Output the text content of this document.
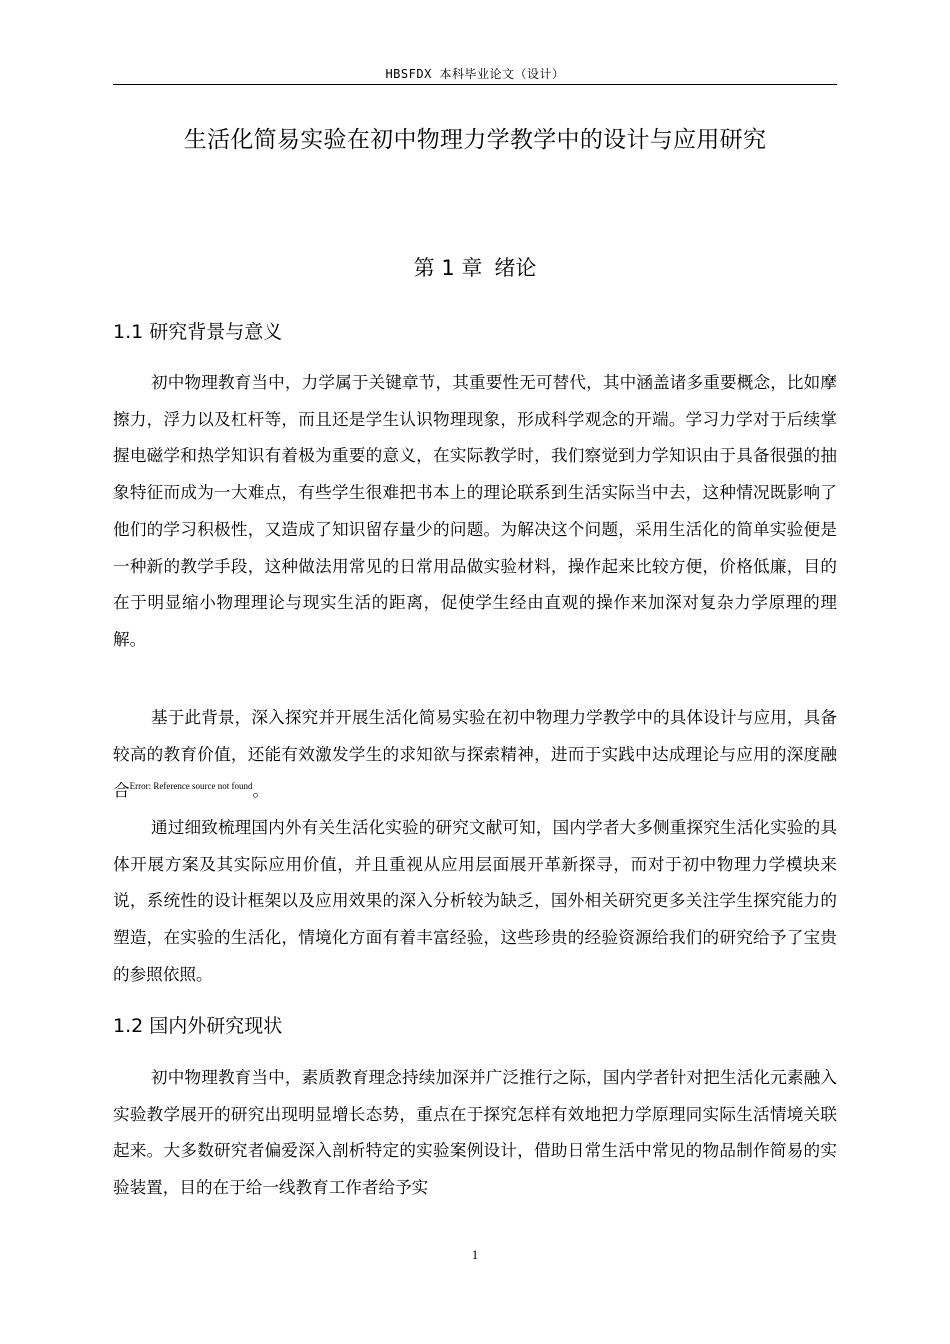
HBSFDX 本科毕业论文（设计）
生活化简易实验在初中物理力学教学中的设计与应用研究
第 1 章 绪论
1.1 研究背景与意义

初中物理教育当中，力学属于关键章节，其重要性无可替代，其中涵盖诸多重要概念，比如摩擦力，浮力以及杠杆等，而且还是学生认识物理现象，形成科学观念的开端。学习力学对于后续掌握电磁学和热学知识有着极为重要的意义，在实际教学时，我们察觉到力学知识由于具备很强的抽象特征而成为一大难点，有些学生很难把书本上的理论联系到生活实际当中去，这种情况既影响了他们的学习积极性，又造成了知识留存量少的问题。为解决这个问题，采用生活化的简单实验便是一种新的教学手段，这种做法用常见的日常用品做实验材料，操作起来比较方便，价格低廉，目的在于明显缩小物理理论与现实生活的距离，促使学生经由直观的操作来加深对复杂力学原理的理解。

基于此背景，深入探究并开展生活化简易实验在初中物理力学教学中的具体设计与应用，具备较高的教育价值，还能有效激发学生的求知欲与探索精神，进而于实践中达成理论与应用的深度融合$^{Error: Reference source not found}$。

通过细致梳理国内外有关生活化实验的研究文献可知，国内学者大多侧重探究生活化实验的具体开展方案及其实际应用价值，并且重视从应用层面展开革新探寻，而对于初中物理力学模块来说，系统性的设计框架以及应用效果的深入分析较为缺乏，国外相关研究更多关注学生探究能力的塑造，在实验的生活化，情境化方面有着丰富经验，这些珍贵的经验资源给我们的研究给予了宝贵的参照依照。

1.2 国内外研究现状

初中物理教育当中，素质教育理念持续加深并广泛推行之际，国内学者针对把生活化元素融入实验教学展开的研究出现明显增长态势，重点在于探究怎样有效地把力学原理同实际生活情境关联起来。大多数研究者偏爱深入剖析特定的实验案例设计，借助日常生活中常见的物品制作简易的实验装置，目的在于给一线教育工作者给予实

1
